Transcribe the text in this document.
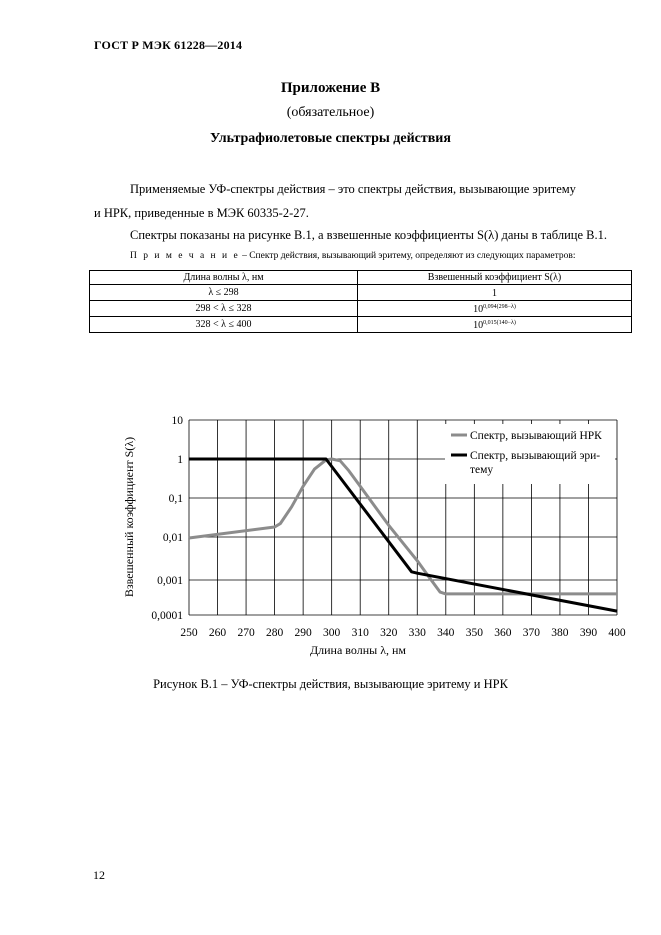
ГОСТ Р МЭК 61228—2014
Приложение В
(обязательное)
Ультрафиолетовые спектры действия
Применяемые УФ-спектры действия – это спектры действия, вызывающие эритему
и НРК, приведенные в МЭК 60335-2-27.
Спектры показаны на рисунке В.1, а взвешенные коэффициенты S(λ) даны в таблице В.1.
П р и м е ч а н и е – Спектр действия, вызывающий эритему, определяют из следующих параметров:
Длина волны λ, нм	Взвешенный коэффициент S(λ)
λ ≤ 298	1
298 < λ ≤ 328	$10^{0,094(298-\lambda)}$
328 < λ ≤ 400	$10^{0,015(140-\lambda)}$
250 260 270 280 290 300 310 320 330 340 350 360 370 380 390 400
10
1
0,1
0,01
0,001
0,0001
Длина волны λ, нм
Взвешенный коэффициент S(λ)
Спектр, вызывающий НРК
Спектр, вызывающий эри-тему
Рисунок В.1 – УФ-спектры действия, вызывающие эритему и НРК
12
